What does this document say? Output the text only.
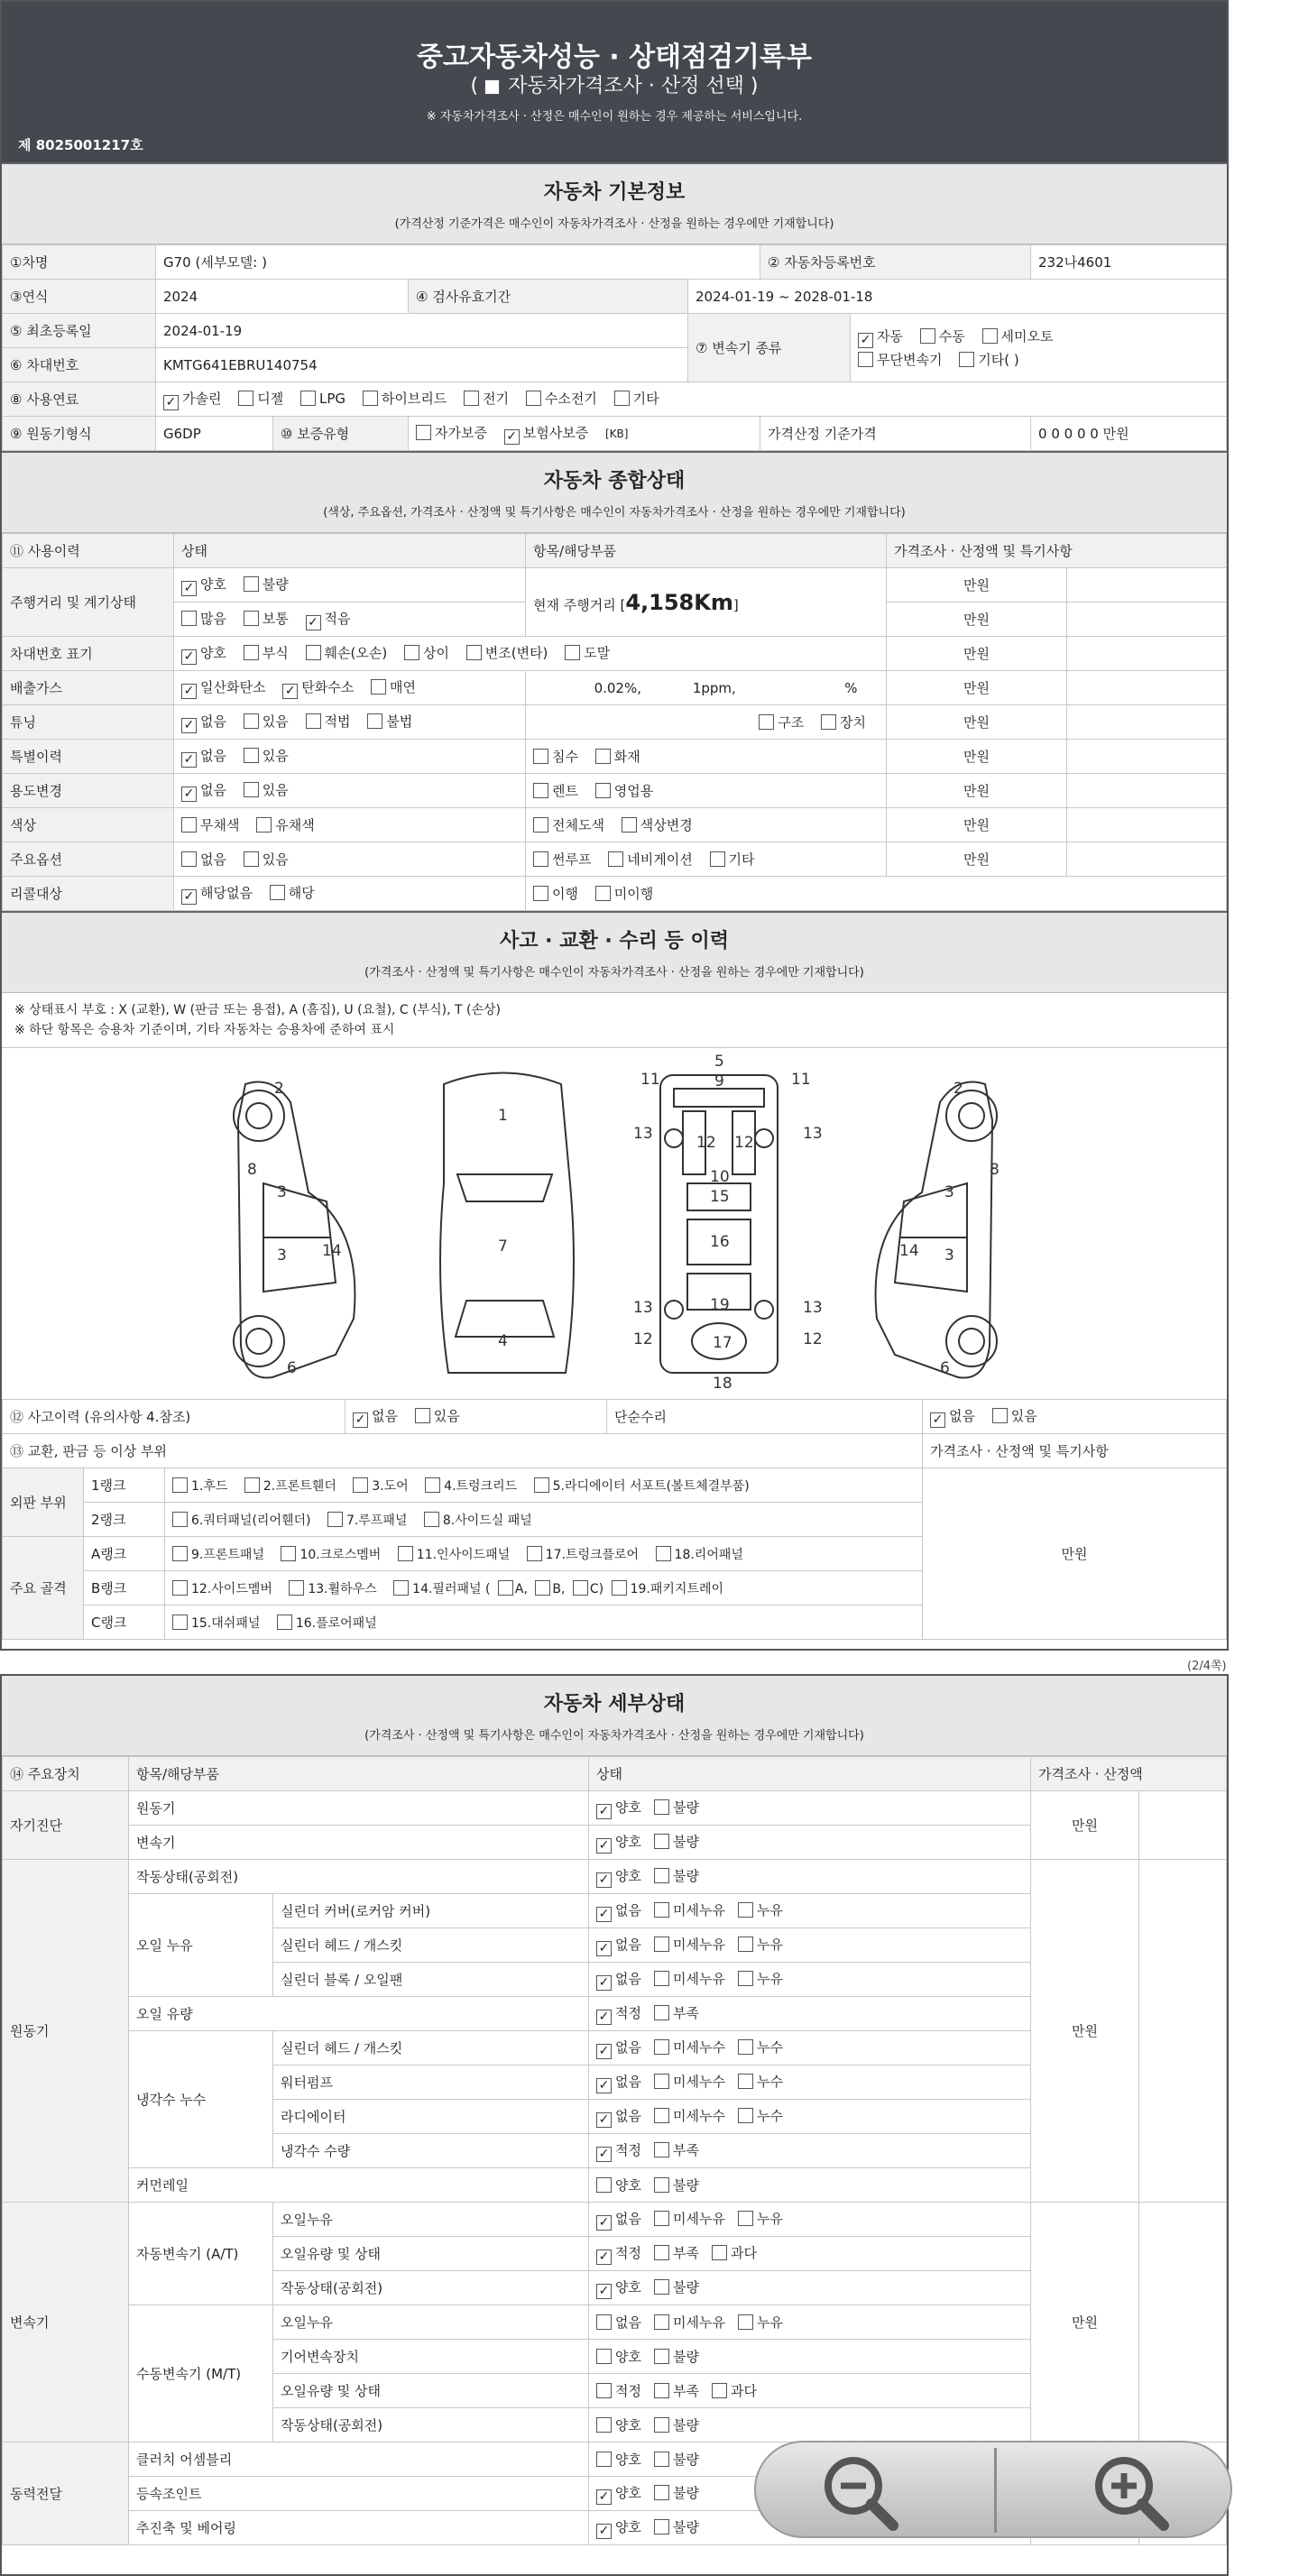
중고자동차성능 · 상태점검기록부
(  자동차가격조사 · 산정 선택 )
※ 자동차가격조사 · 산정은 매수인이 원하는 경우 제공하는 서비스입니다.
제 8025001217호
자동차 기본정보
(가격산정 기준가격은 매수인이 자동차가격조사 · 산정을 원하는 경우에만 기재합니다)
①차명	G70 (세부모델: )				② 자동차등록번호		232나4601
③연식	2024		④ 검사유효기간	2024-01-19 ~ 2028-01-18			
⑤ 최초등록일	2024-01-19			⑦ 변속기 종류		✓ 자동 수동 세미오토
무단변속기 기타( )	
⑥ 차대번호	KMTG641EBRU140754						
⑧ 사용연료	✓ 가솔린 디젤 LPG 하이브리드 전기 수소전기 기타						
⑨ 원동기형식	G6DP	⑩ 보증유형	자가보증 ✓ 보험사보증 [KB]		가격산정 기준가격		0 0 0 0 0 만원
자동차 종합상태
(색상, 주요옵션, 가격조사 · 산정액 및 특기사항은 매수인이 자동차가격조사 · 산정을 원하는 경우에만 기재합니다)
⑪ 사용이력	상태	항목/해당부품	가격조사 · 산정액 및 특기사항	
주행거리 및 계기상태	✓ 양호 불량	현재 주행거리 [4,158Km]	만원	
	많음 보통 ✓ 적음		만원	
차대번호 표기	✓ 양호 부식 훼손(오손) 상이 변조(변타) 도말		만원	
배출가스	✓ 일산화탄소 ✓ 탄화수소 매연	0.02%, 1ppm, %	만원	
튜닝	✓ 없음 있음 적법 불법	구조 장치	만원	
특별이력	✓ 없음 있음	침수 화재	만원	
용도변경	✓ 없음 있음	렌트 영업용	만원	
색상	무채색 유채색	전체도색 색상변경	만원	
주요옵션	없음 있음	썬루프 네비게이션 기타	만원	
리콜대상	✓ 해당없음 해당	이행 미이행		
사고 · 교환 · 수리 등 이력
(가격조사 · 산정액 및 특기사항은 매수인이 자동차가격조사 · 산정을 원하는 경우에만 기재합니다)
※ 상태표시 부호 : X (교환), W (판금 또는 용접), A (흠집), U (요철), C (부식), T (손상)
※ 하단 항목은 승용차 기준이며, 기타 자동차는 승용차에 준하여 표시
2
8
3
3 14
6
1
7
4
11	11
5
9
13	13
12 12
10
15
16
13	13
19
12	12
17
18
2
8
3
3
14
6
⑫ 사고이력 (유의사항 4.참조)			✓ 없음 있음	단순수리	✓ 없음 있음
⑬ 교환, 판금 등 이상 부위					가격조사 · 산정액 및 특기사항
외판 부위	1랭크	1.후드 2.프론트휀더 3.도어 4.트렁크리드 5.라디에이터 서포트(볼트체결부품)			만원
	2랭크	6.쿼터패널(리어휀더) 7.루프패널 8.사이드실 패널			
주요 골격	A랭크	9.프론트패널 10.크로스멤버 11.인사이드패널 17.트렁크플로어 18.리어패널			
	B랭크	12.사이드멤버 13.휠하우스 14.필러패널 ( A, B, C) 19.패키지트레이			
	C랭크	15.대쉬패널 16.플로어패널			
(2/4쪽)
자동차 세부상태
(가격조사 · 산정액 및 특기사항은 매수인이 자동차가격조사 · 산정을 원하는 경우에만 기재합니다)
⑭ 주요장치	항목/해당부품		상태	가격조사 · 산정액	
자기진단	원동기		✓ 양호 불량	만원	
	변속기		✓ 양호 불량		
원동기	작동상태(공회전)		✓ 양호 불량	만원	
	오일 누유	실린더 커버(로커암 커버)	✓ 없음 미세누유 누유		
		실린더 헤드 / 개스킷	✓ 없음 미세누유 누유		
		실린더 블록 / 오일팬	✓ 없음 미세누유 누유		
	오일 유량		✓ 적정 부족		
	냉각수 누수	실린더 헤드 / 개스킷	✓ 없음 미세누수 누수		
		워터펌프	✓ 없음 미세누수 누수		
		라디에이터	✓ 없음 미세누수 누수		
		냉각수 수량	✓ 적정 부족		
	커먼레일		양호 불량		
변속기	자동변속기 (A/T)	오일누유	✓ 없음 미세누유 누유	만원	
		오일유량 및 상태	✓ 적정 부족 과다		
		작동상태(공회전)	✓ 양호 불량		
	수동변속기 (M/T)	오일누유	없음 미세누유 누유		
		기어변속장치	양호 불량		
		오일유량 및 상태	적정 부족 과다		
		작동상태(공회전)	양호 불량		
동력전달	클러치 어셈블리		양호 불량		
	등속조인트		✓ 양호 불량		
	추진축 및 베어링		✓ 양호 불량		
